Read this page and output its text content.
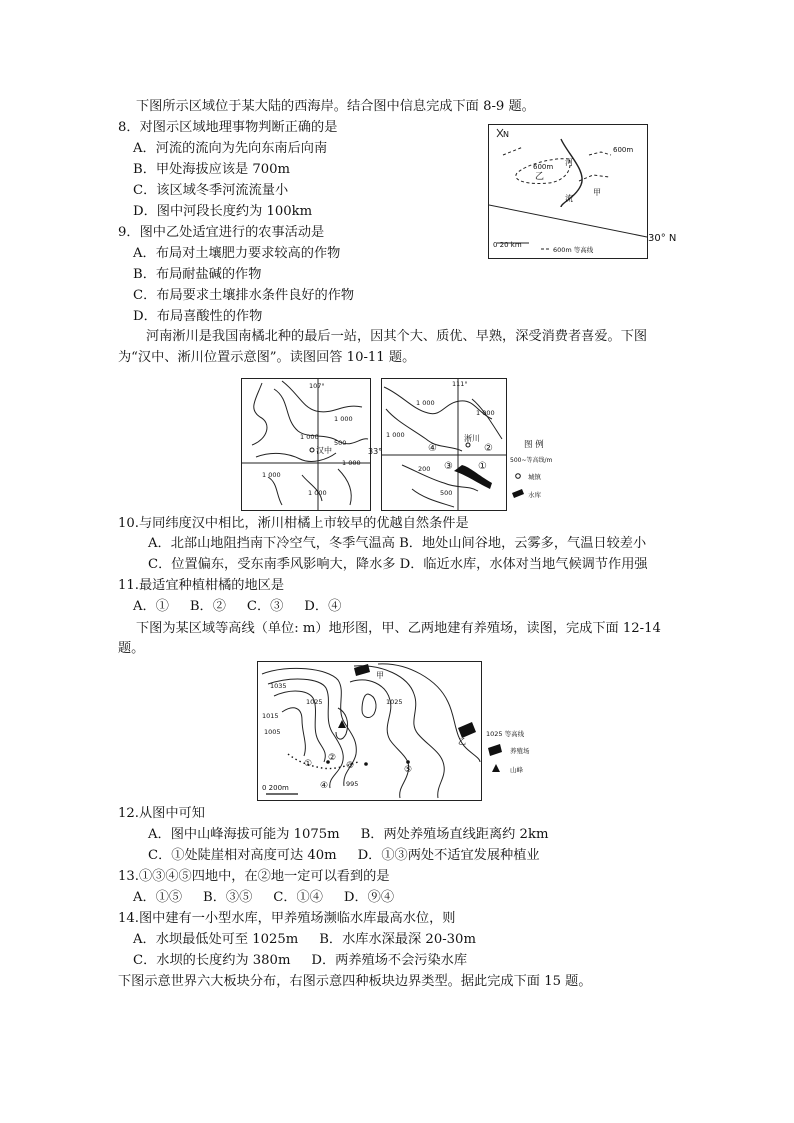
下图所示区域位于某大陆的西海岸。结合图中信息完成下面 8-9 题。
8．对图示区域地理事物判断正确的是
A．河流的流向为先向东南后向南
B．甲处海拔应该是 700m
C．该区域冬季河流流量小
D．图中河段长度约为 100km
9．图中乙处适宜进行的农事活动是
A．布局对土壤肥力要求较高的作物
B．布局耐盐碱的作物
C．布局要求土壤排水条件良好的作物
D．布局喜酸性的作物
N
600m
600m
乙
河
流
甲
0 20 km
600m 等高线
30° N
河南淅川是我国南橘北种的最后一站，因其个大、质优、早熟，深受消费者喜爱。下图
为“汉中、淅川位置示意图”。读图回答 10-11 题。
107°
1 000
1 000
1 000
500
1 000
1 000
汉中
111°
1 000
1 000
200
500
1 000
淅川
④	②
③	①
33°
图 例
500~等高线/m
城镇
水库
10.与同纬度汉中相比，淅川柑橘上市较早的优越自然条件是
A．北部山地阻挡南下冷空气，冬季气温高 B．地处山间谷地，云雾多，气温日较差小
C．位置偏东，受东南季风影响大，降水多 D．临近水库，水体对当地气候调节作用强
11.最适宜种植柑橘的地区是
A．①     B．②     C．③     D．④
下图为某区域等高线（单位: m）地形图，甲、乙两地建有养殖场，读图，完成下面 12-14
题。
1035
1025
1015
1005
1025
995
甲
乙
①
②
③
④
⑤
0 200m
1025 等高线
养殖场
山峰
12.从图中可知
A．图中山峰海拔可能为 1075m     B．两处养殖场直线距离约 2km
C．①处陡崖相对高度可达 40m     D．①③两处不适宜发展种植业
13.①③④⑤四地中，在②地一定可以看到的是
A．①⑤     B．③⑤     C．①④     D．⑨④
14.图中建有一小型水库，甲养殖场濒临水库最高水位，则
A．水坝最低处可至 1025m     B．水库水深最深 20-30m
C．水坝的长度约为 380m     D．两养殖场不会污染水库
下图示意世界六大板块分布，右图示意四种板块边界类型。据此完成下面 15 题。
